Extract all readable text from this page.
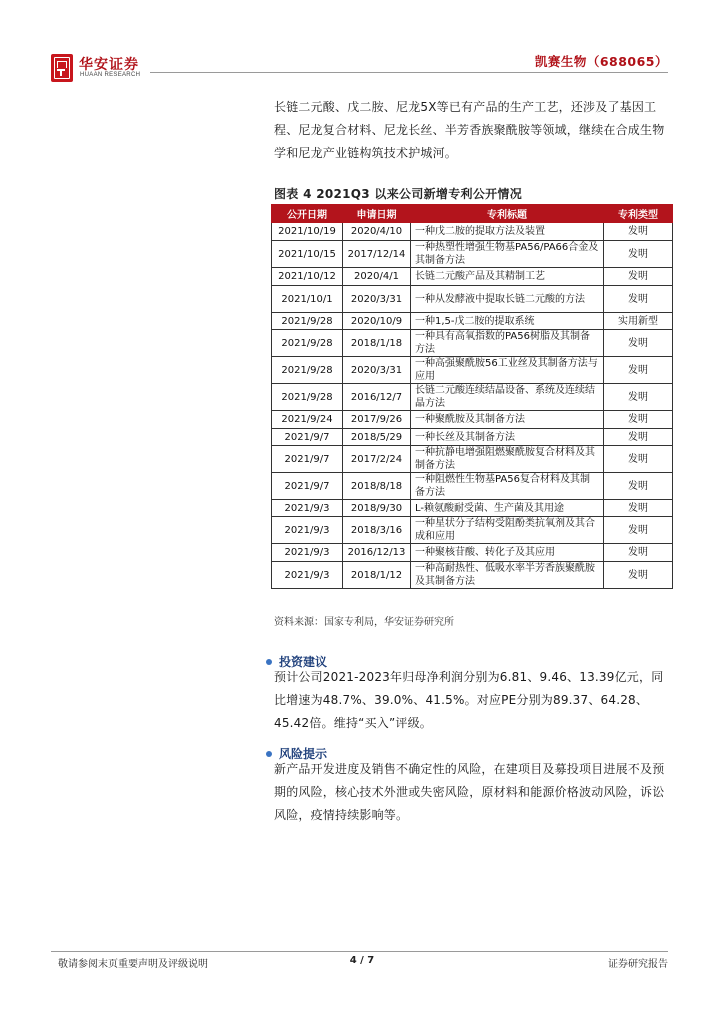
华安证券
HUAAN RESEARCH
凯赛生物（688065）
长链二元酸、戊二胺、尼龙5X等已有产品的生产工艺，还涉及了基因工程、尼龙复合材料、尼龙长丝、半芳香族聚酰胺等领域，继续在合成生物学和尼龙产业链构筑技术护城河。
图表 4 2021Q3 以来公司新增专利公开情况
公开日期	申请日期	专利标题	专利类型
2021/10/19	2020/4/10	一种戊二胺的提取方法及装置	发明
2021/10/15	2017/12/14	一种热塑性增强生物基PA56/PA66合金及其制备方法	发明
2021/10/12	2020/4/1	长链二元酸产品及其精制工艺	发明
2021/10/1	2020/3/31	一种从发酵液中提取长链二元酸的方法	发明
2021/9/28	2020/10/9	一种1,5-戊二胺的提取系统	实用新型
2021/9/28	2018/1/18	一种具有高氧指数的PA56树脂及其制备方法	发明
2021/9/28	2020/3/31	一种高强聚酰胺56工业丝及其制备方法与应用	发明
2021/9/28	2016/12/7	长链二元酸连续结晶设备、系统及连续结晶方法	发明
2021/9/24	2017/9/26	一种聚酰胺及其制备方法	发明
2021/9/7	2018/5/29	一种长丝及其制备方法	发明
2021/9/7	2017/2/24	一种抗静电增强阻燃聚酰胺复合材料及其制备方法	发明
2021/9/7	2018/8/18	一种阻燃性生物基PA56复合材料及其制备方法	发明
2021/9/3	2018/9/30	L-赖氨酸耐受菌、生产菌及其用途	发明
2021/9/3	2018/3/16	一种星状分子结构受阻酚类抗氧剂及其合成和应用	发明
2021/9/3	2016/12/13	一种聚核苷酸、转化子及其应用	发明
2021/9/3	2018/1/12	一种高耐热性、低吸水率半芳香族聚酰胺及其制备方法	发明
资料来源：国家专利局，华安证券研究所
投资建议
预计公司2021-2023年归母净利润分别为6.81、9.46、13.39亿元，同比增速为48.7%、39.0%、41.5%。对应PE分别为89.37、64.28、45.42倍。维持“买入”评级。
风险提示
新产品开发进度及销售不确定性的风险，在建项目及募投项目进展不及预期的风险，核心技术外泄或失密风险，原材料和能源价格波动风险，诉讼风险，疫情持续影响等。
敬请参阅末页重要声明及评级说明	4 / 7	证券研究报告
